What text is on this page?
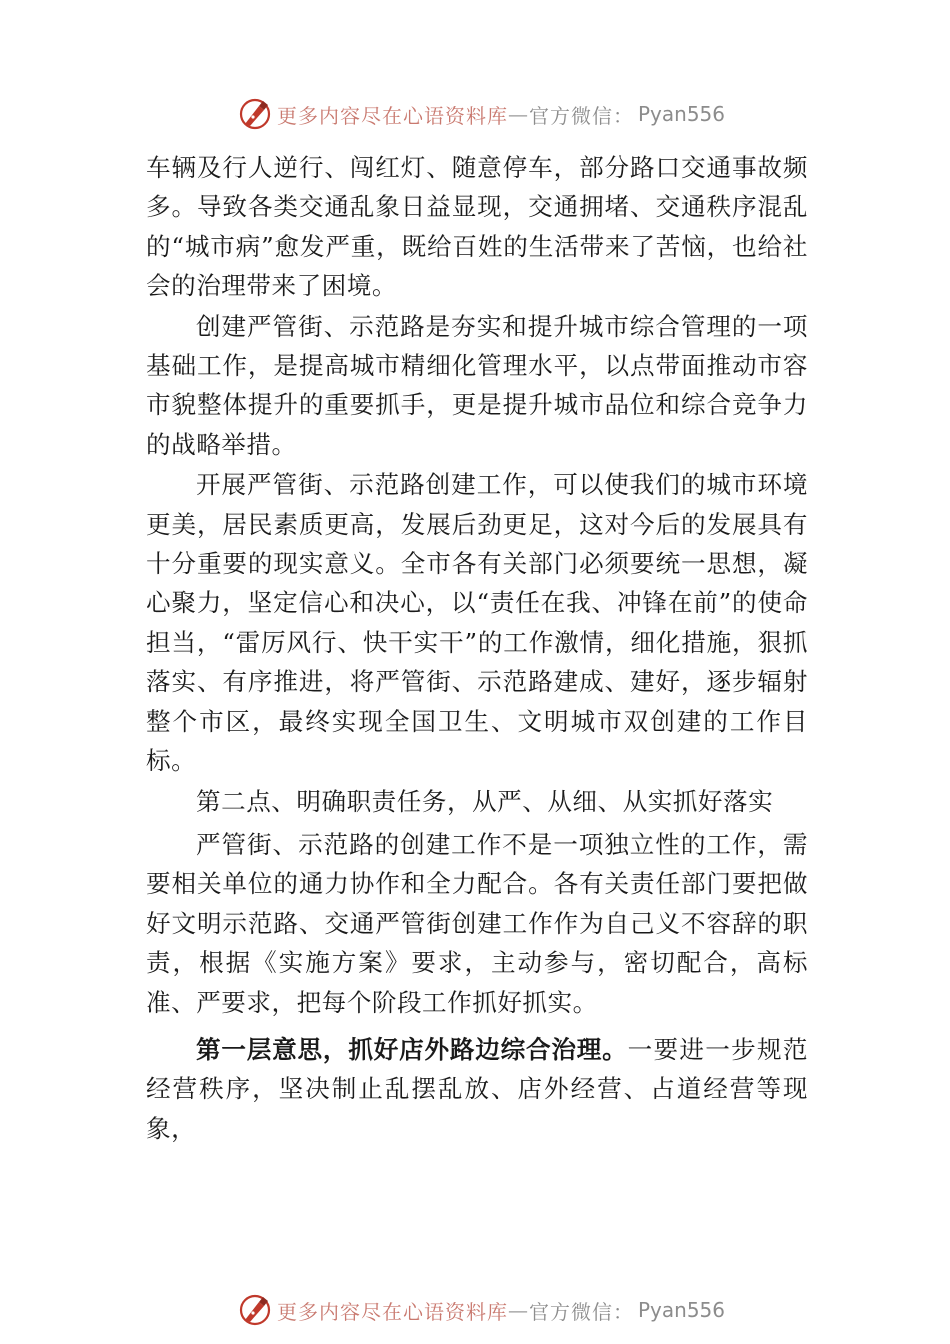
更多内容尽在心语资料库 — 官方微信 ： Pyan556

车辆及行人逆行、闯红灯、随意停车，部分路口交通事故频多。导致各类交通乱象日益显现，交通拥堵、交通秩序混乱的“城市病”愈发严重，既给百姓的生活带来了苦恼，也给社会的治理带来了困境。

创建严管街、示范路是夯实和提升城市综合管理的一项基础工作，是提高城市精细化管理水平，以点带面推动市容市貌整体提升的重要抓手，更是提升城市品位和综合竞争力的战略举措。

开展严管街、示范路创建工作，可以使我们的城市环境更美，居民素质更高，发展后劲更足，这对今后的发展具有十分重要的现实意义。全市各有关部门必须要统一思想，凝心聚力，坚定信心和决心，以“责任在我、冲锋在前”的使命担当，“雷厉风行、快干实干”的工作激情，细化措施，狠抓落实、有序推进，将严管街、示范路建成、建好，逐步辐射整个市区，最终实现全国卫生、文明城市双创建的工作目标。

第二点、明确职责任务，从严、从细、从实抓好落实

严管街、示范路的创建工作不是一项独立性的工作，需要相关单位的通力协作和全力配合。各有关责任部门要把做好文明示范路、交通严管街创建工作作为自己义不容辞的职责，根据《实施方案》要求，主动参与，密切配合，高标准、严要求，把每个阶段工作抓好抓实。

第一层意思，抓好店外路边综合治理。一要进一步规范经营秩序，坚决制止乱摆乱放、店外经营、占道经营等现象，

更多内容尽在心语资料库 — 官方微信 ： Pyan556
